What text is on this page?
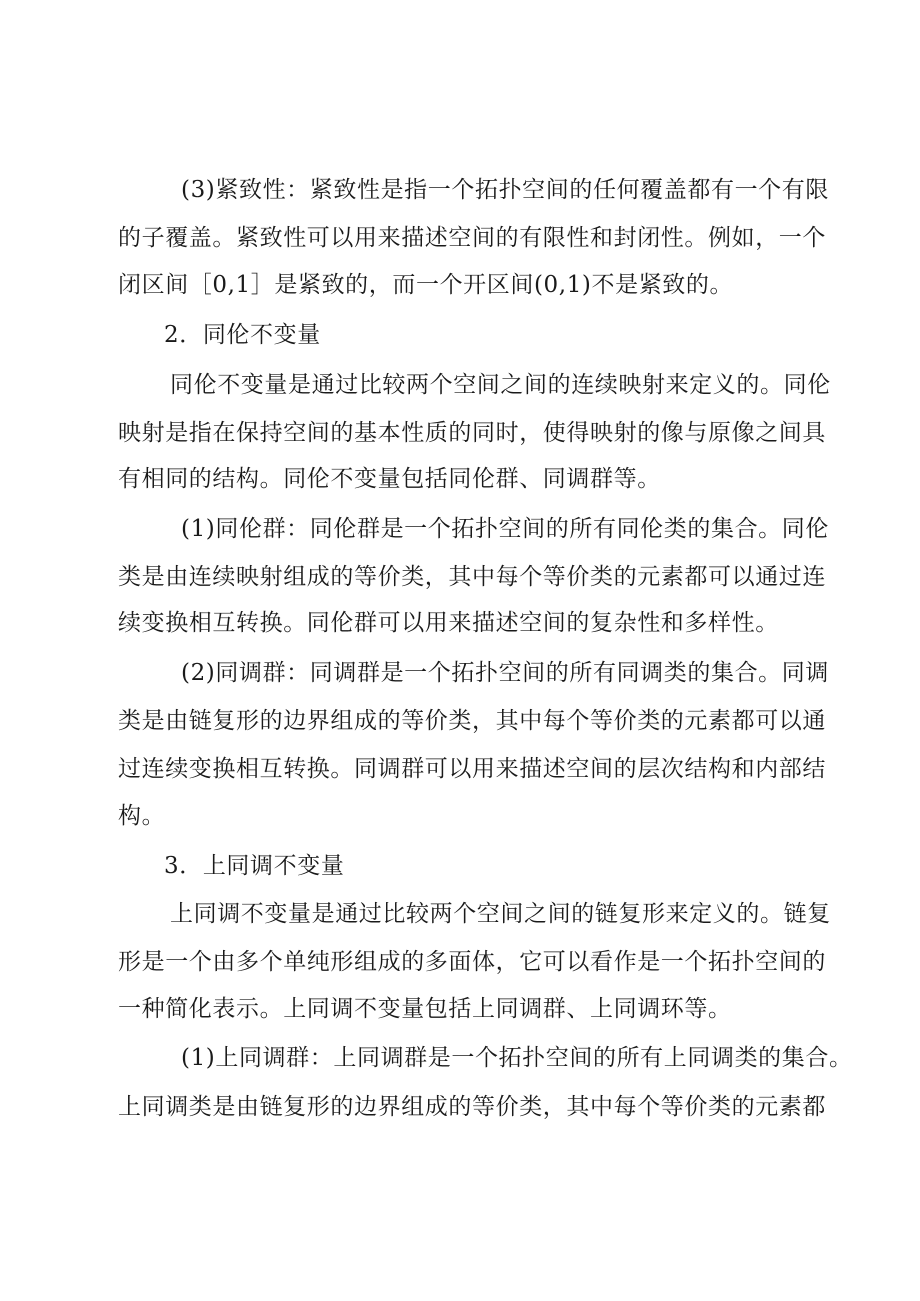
(3)紧致性：紧致性是指一个拓扑空间的任何覆盖都有一个有限
的子覆盖。紧致性可以用来描述空间的有限性和封闭性。例如，一个
闭区间［0,1］是紧致的，而一个开区间(0,1)不是紧致的。
2．同伦不变量
同伦不变量是通过比较两个空间之间的连续映射来定义的。同伦
映射是指在保持空间的基本性质的同时，使得映射的像与原像之间具
有相同的结构。同伦不变量包括同伦群、同调群等。
(1)同伦群：同伦群是一个拓扑空间的所有同伦类的集合。同伦
类是由连续映射组成的等价类，其中每个等价类的元素都可以通过连
续变换相互转换。同伦群可以用来描述空间的复杂性和多样性。
(2)同调群：同调群是一个拓扑空间的所有同调类的集合。同调
类是由链复形的边界组成的等价类，其中每个等价类的元素都可以通
过连续变换相互转换。同调群可以用来描述空间的层次结构和内部结
构。
3．上同调不变量
上同调不变量是通过比较两个空间之间的链复形来定义的。链复
形是一个由多个单纯形组成的多面体，它可以看作是一个拓扑空间的
一种简化表示。上同调不变量包括上同调群、上同调环等。
(1)上同调群：上同调群是一个拓扑空间的所有上同调类的集合。
上同调类是由链复形的边界组成的等价类，其中每个等价类的元素都
